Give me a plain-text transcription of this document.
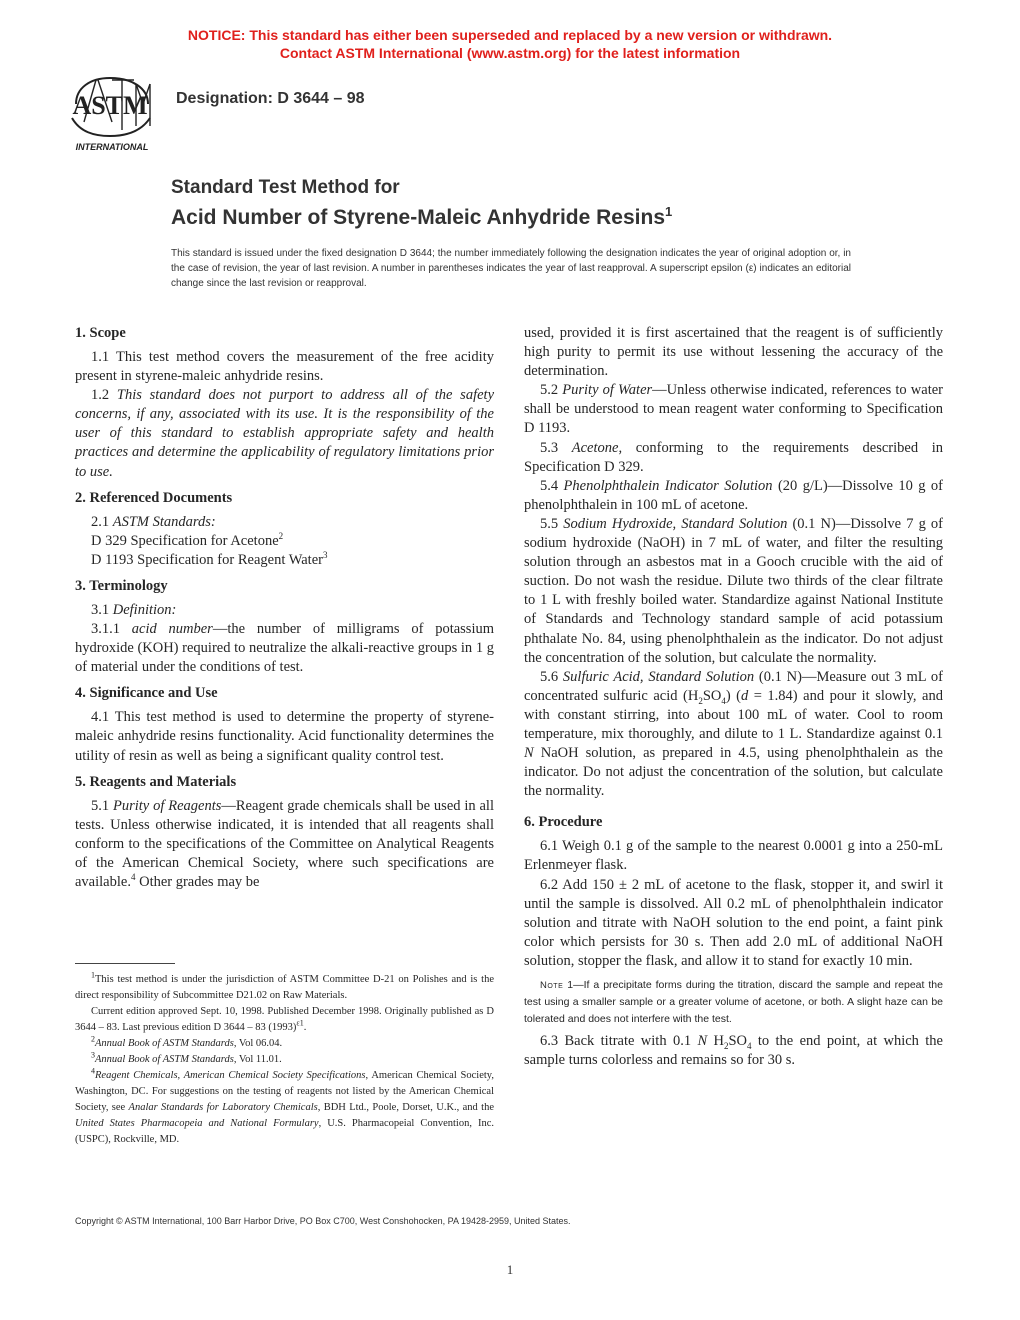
NOTICE: This standard has either been superseded and replaced by a new version or withdrawn.
Contact ASTM International (www.astm.org) for the latest information
ASTM
INTERNATIONAL
Designation: D 3644 – 98
Standard Test Method for
Acid Number of Styrene-Maleic Anhydride Resins$^1$
This standard is issued under the fixed designation D 3644; the number immediately following the designation indicates the year of original adoption or, in the case of revision, the year of last revision. A number in parentheses indicates the year of last reapproval. A superscript epsilon (ε) indicates an editorial change since the last revision or reapproval.
1. Scope

1.1 This test method covers the measurement of the free acidity present in styrene-maleic anhydride resins.

1.2 This standard does not purport to address all of the safety concerns, if any, associated with its use. It is the responsibility of the user of this standard to establish appropriate safety and health practices and determine the applicability of regulatory limitations prior to use.

2. Referenced Documents

2.1 ASTM Standards:

D 329 Specification for Acetone$^2$

D 1193 Specification for Reagent Water$^3$

3. Terminology

3.1 Definition:

3.1.1 acid number—the number of milligrams of potassium hydroxide (KOH) required to neutralize the alkali-reactive groups in 1 g of material under the conditions of test.

4. Significance and Use

4.1 This test method is used to determine the property of styrene-maleic anhydride resins functionality. Acid functionality determines the utility of resin as well as being a significant quality control test.

5. Reagents and Materials

5.1 Purity of Reagents—Reagent grade chemicals shall be used in all tests. Unless otherwise indicated, it is intended that all reagents shall conform to the specifications of the Committee on Analytical Reagents of the American Chemical Society, where such specifications are available.$^4$ Other grades may be

$^1$This test method is under the jurisdiction of ASTM Committee D-21 on Polishes and is the direct responsibility of Subcommittee D21.02 on Raw Materials.

Current edition approved Sept. 10, 1998. Published December 1998. Originally published as D 3644 – 83. Last previous edition D 3644 – 83 $(1993)^{\varepsilon 1}$.

$^2$Annual Book of ASTM Standards, Vol 06.04.

$^3$Annual Book of ASTM Standards, Vol 11.01.

$^4$Reagent Chemicals, American Chemical Society Specifications, American Chemical Society, Washington, DC. For suggestions on the testing of reagents not listed by the American Chemical Society, see Analar Standards for Laboratory Chemicals, BDH Ltd., Poole, Dorset, U.K., and the United States Pharmacopeia and National Formulary, U.S. Pharmacopeial Convention, Inc. (USPC), Rockville, MD.

used, provided it is first ascertained that the reagent is of sufficiently high purity to permit its use without lessening the accuracy of the determination.

5.2 Purity of Water—Unless otherwise indicated, references to water shall be understood to mean reagent water conforming to Specification D 1193.

5.3 Acetone, conforming to the requirements described in Specification D 329.

5.4 Phenolphthalein Indicator Solution (20 g/L)—Dissolve 10 g of phenolphthalein in 100 mL of acetone.

5.5 Sodium Hydroxide, Standard Solution (0.1 N)—Dissolve 7 g of sodium hydroxide (NaOH) in 7 mL of water, and filter the resulting solution through an asbestos mat in a Gooch crucible with the aid of suction. Do not wash the residue. Dilute two thirds of the clear filtrate to 1 L with freshly boiled water. Standardize against National Institute of Standards and Technology standard sample of acid potassium phthalate No. 84, using phenolphthalein as the indicator. Do not adjust the concentration of the solution, but calculate the normality.

5.6 Sulfuric Acid, Standard Solution (0.1 N)—Measure out 3 mL of concentrated sulfuric acid $(H_2SO_4) (d = 1.84)$ and pour it slowly, and with constant stirring, into about 100 mL of water. Cool to room temperature, mix thoroughly, and dilute to 1 L. Standardize against 0.1 N NaOH solution, as prepared in 4.5, using phenolphthalein as the indicator. Do not adjust the concentration of the solution, but calculate the normality.

6. Procedure

6.1 Weigh 0.1 g of the sample to the nearest 0.0001 g into a 250-mL Erlenmeyer flask.

6.2 Add 150 ± 2 mL of acetone to the flask, stopper it, and swirl it until the sample is dissolved. All 0.2 mL of phenolphthalein indicator solution and titrate with NaOH solution to the end point, a faint pink color which persists for 30 s. Then add 2.0 mL of additional NaOH solution, stopper the flask, and allow it to stand for exactly 10 min.

Note 1—If a precipitate forms during the titration, discard the sample and repeat the test using a smaller sample or a greater volume of acetone, or both. A slight haze can be tolerated and does not interfere with the test.

6.3 Back titrate with 0.1 N $H_2SO_4$ to the end point, at which the sample turns colorless and remains so for 30 s.

Copyright © ASTM International, 100 Barr Harbor Drive, PO Box C700, West Conshohocken, PA 19428-2959, United States.
1
